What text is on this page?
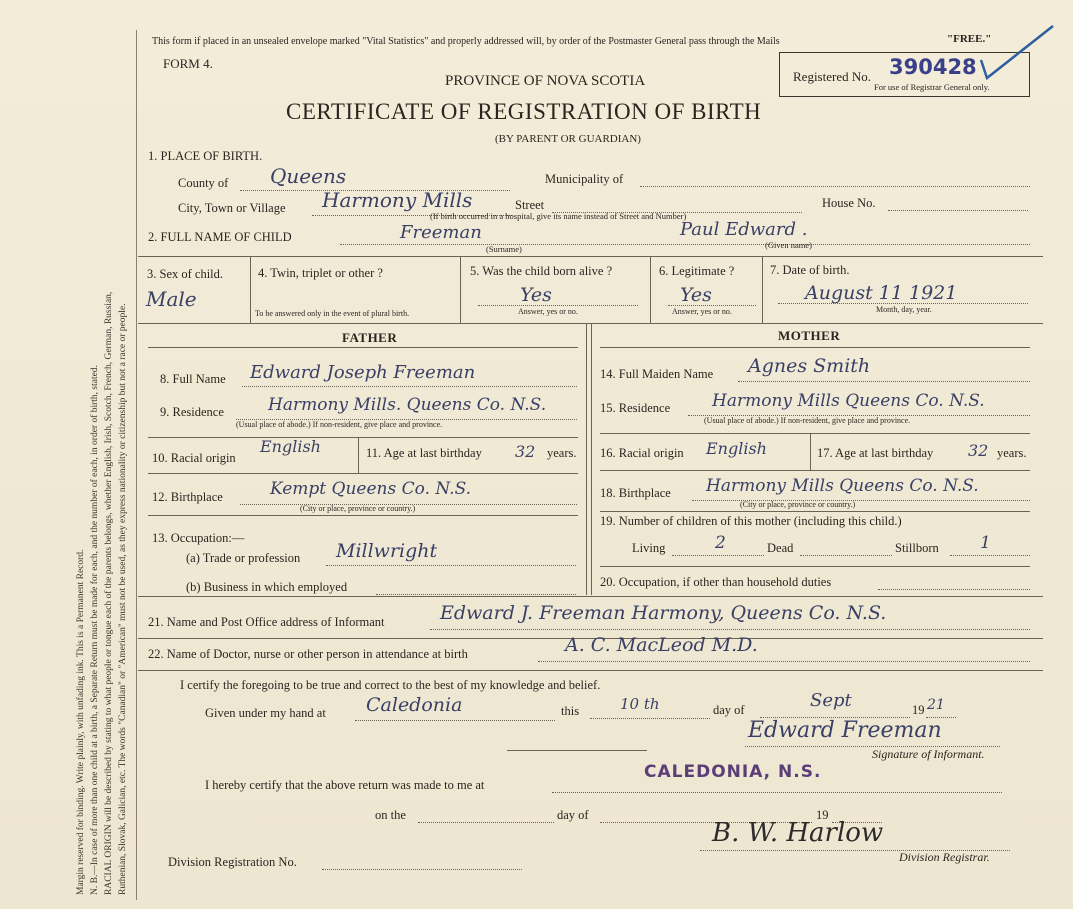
Margin reserved for binding. Write plainly, with unfading ink. This is a Permanent Record. N. B.—In case of more than one child at a birth, a Separate Return must be made for each, and the number of each, in order of birth, stated. RACIAL ORIGIN will be described by stating to what people or tongue each of the parents belongs, whether English, Irish, Scotch, French, German, Russian, Ruthenian, Slovak, Galician, etc. The words "Canadian" or "American" must not be used, as they express nationality or citizenship but not a race or people.
This form if placed in an unsealed envelope marked "Vital Statistics" and properly addressed will, by order of the Postmaster General pass through the Mails	"FREE."
FORM 4.
PROVINCE OF NOVA SCOTIA
CERTIFICATE OF REGISTRATION OF BIRTH
(BY PARENT OR GUARDIAN)
Registered No. 390428
For use of Registrar General only.
1. PLACE OF BIRTH.
County of Queens	Municipality of
City, Town or Village Harmony Mills	Street	House No.
(If birth occurred in a hospital, give its name instead of Street and Number)
2. FULL NAME OF CHILD	Freeman	Paul Edward .
(Surname)	(Given name)
3. Sex of child.
Male
4. Twin, triplet or other ?
To be answered only in the event of plural birth.
5. Was the child born alive ?
Yes
Answer, yes or no.
6. Legitimate ?
Yes
Answer, yes or no.
7. Date of birth.
August 11 1921
Month, day, year.
FATHER	MOTHER
8. Full Name Edward Joseph Freeman
9. Residence	Harmony Mills. Queens Co. N.S.
(Usual place of abode.) If non-resident, give place and province.
10. Racial origin
English	11. Age at last birthday 32 years.
12. Birthplace	Kempt Queens Co. N.S.
(City or place, province or country.)
13. Occupation:—
(a) Trade or profession Millwright
(b) Business in which employed
14. Full Maiden Name Agnes Smith
15. Residence Harmony Mills Queens Co. N.S.
(Usual place of abode.) If non-resident, give place and province.
16. Racial origin English	17. Age at last birthday 32 years.
18. Birthplace Harmony Mills Queens Co. N.S.
(City or place, province or country.)
19. Number of children of this mother (including this child.)
Living	2	Dead	Stillborn 1
20. Occupation, if other than household duties
21. Name and Post Office address of Informant	Edward J. Freeman Harmony, Queens Co. N.S.
22. Name of Doctor, nurse or other person in attendance at birth	A. C. MacLeod M.D.
I certify the foregoing to be true and correct to the best of my knowledge and belief.
Given under my hand at Caledonia	this	10 th	day of	Sept	19 21
Edward Freeman
Signature of Informant.
I hereby certify that the above return was made to me at
CALEDONIA, N.S.
on the	day of	19
B. W. Harlow
Division Registrar.
Division Registration No.
